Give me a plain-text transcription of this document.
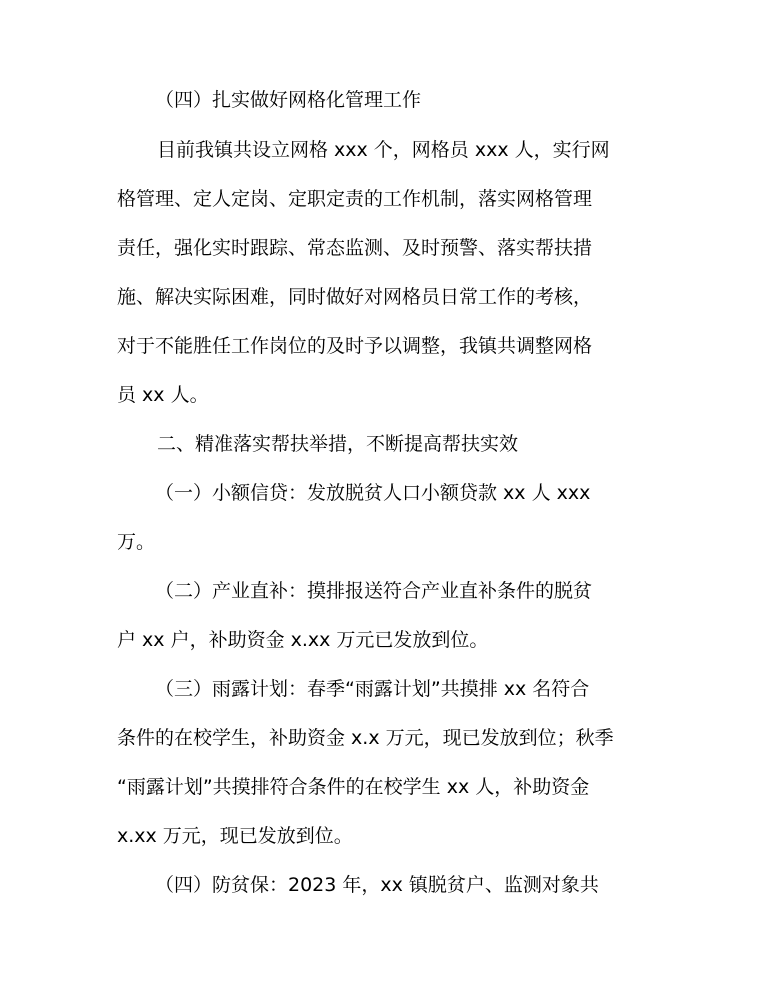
（四）扎实做好网格化管理工作
目前我镇共设立网格 xxx 个，网格员 xxx 人，实行网
格管理、定人定岗、定职定责的工作机制，落实网格管理
责任，强化实时跟踪、常态监测、及时预警、落实帮扶措
施、解决实际困难，同时做好对网格员日常工作的考核，
对于不能胜任工作岗位的及时予以调整，我镇共调整网格
员 xx 人。
二、精准落实帮扶举措，不断提高帮扶实效
（一）小额信贷：发放脱贫人口小额贷款 xx 人 xxx
万。
（二）产业直补：摸排报送符合产业直补条件的脱贫
户 xx 户，补助资金 x.xx 万元已发放到位。
（三）雨露计划：春季“雨露计划”共摸排 xx 名符合
条件的在校学生，补助资金 x.x 万元，现已发放到位；秋季
“雨露计划”共摸排符合条件的在校学生 xx 人，补助资金
x.xx 万元，现已发放到位。
（四）防贫保：2023 年，xx 镇脱贫户、监测对象共
